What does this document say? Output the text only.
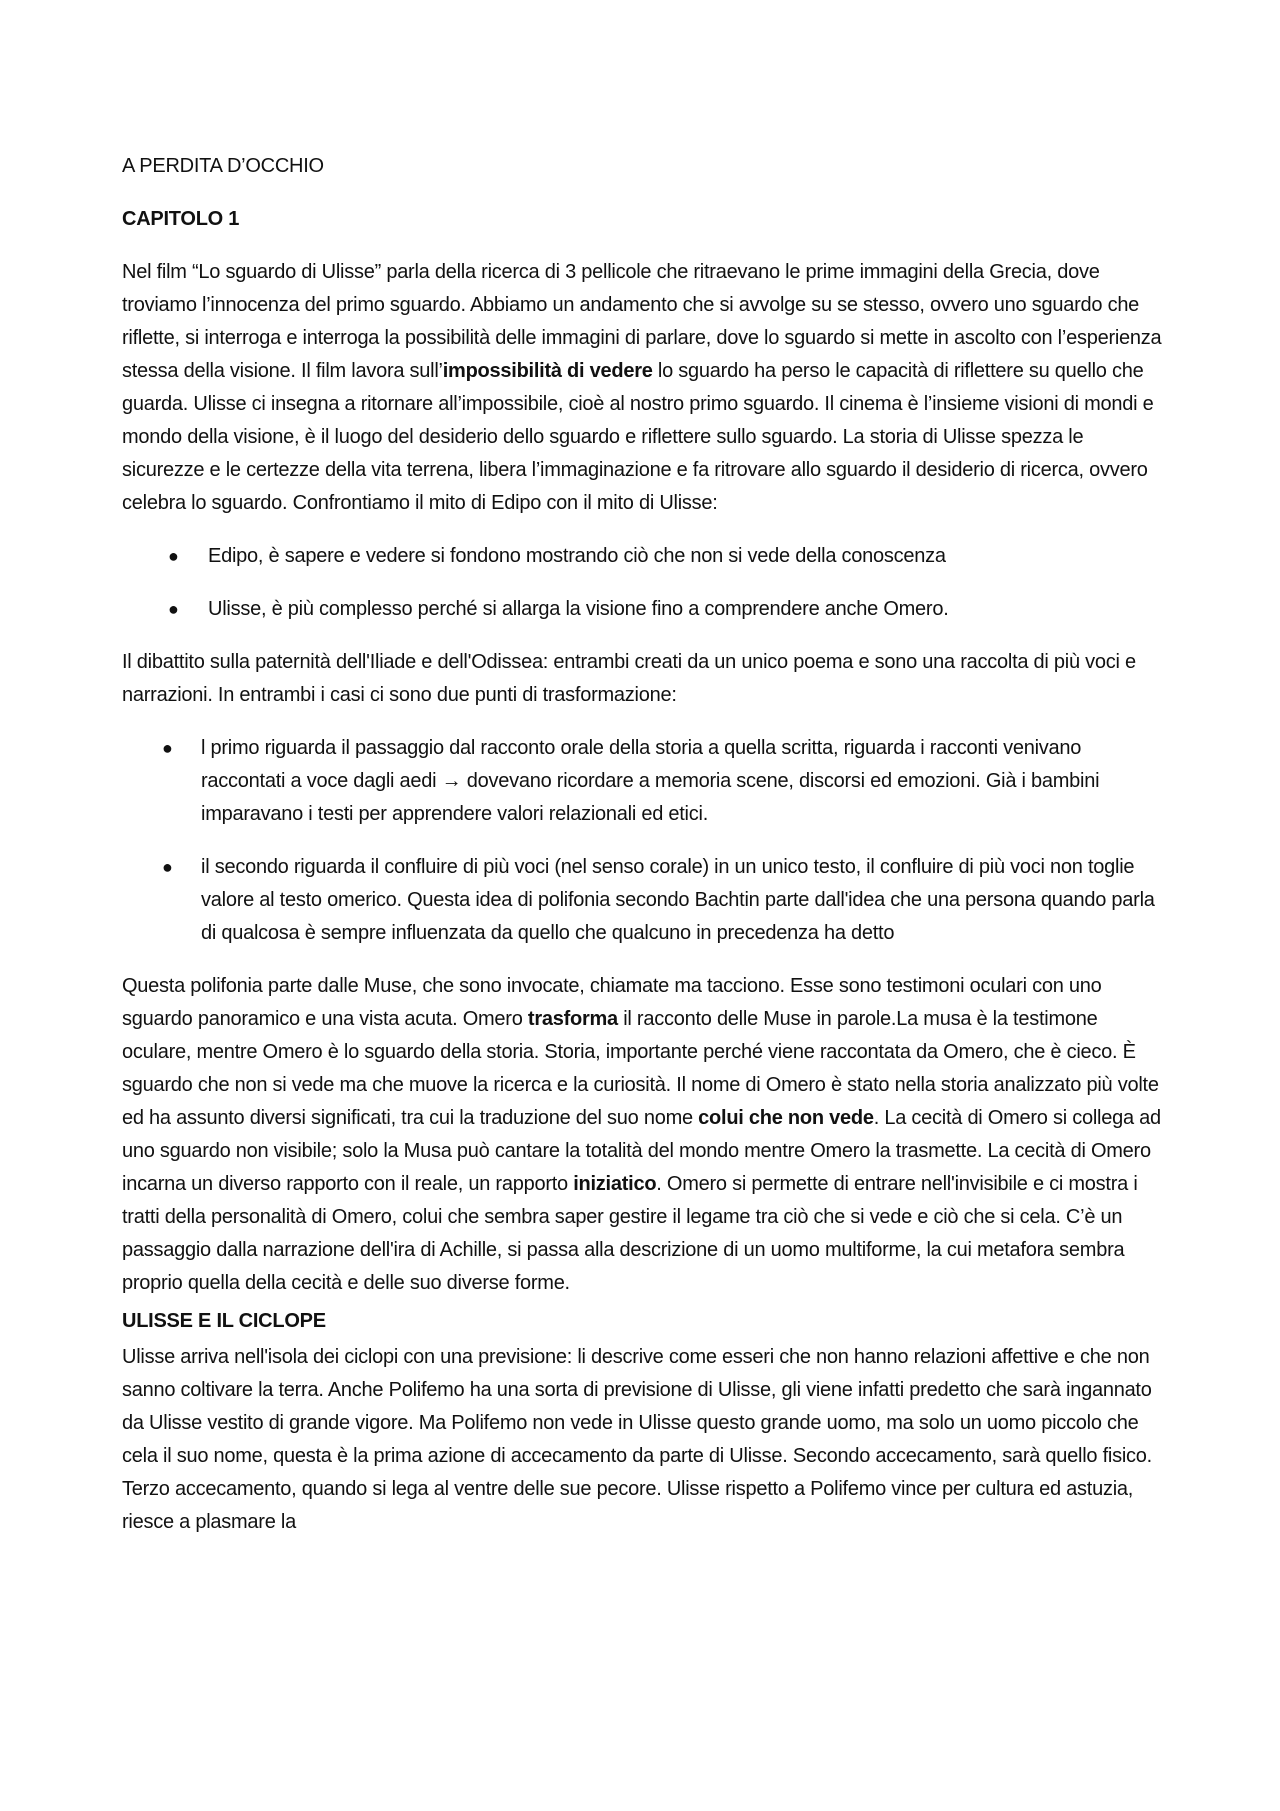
A PERDITA D’OCCHIO

CAPITOLO 1

Nel film “Lo sguardo di Ulisse” parla della ricerca di 3 pellicole che ritraevano le prime immagini della Grecia, dove troviamo l’innocenza del primo sguardo. Abbiamo un andamento che si avvolge su se stesso, ovvero uno sguardo che riflette, si interroga e interroga la possibilità delle immagini di parlare, dove lo sguardo si mette in ascolto con l’esperienza stessa della visione. Il film lavora sull’impossibilità di vedere lo sguardo ha perso le capacità di riflettere su quello che guarda. Ulisse ci insegna a ritornare all’impossibile, cioè al nostro primo sguardo. Il cinema è l’insieme visioni di mondi e mondo della visione, è il luogo del desiderio dello sguardo e riflettere sullo sguardo. La storia di Ulisse spezza le sicurezze e le certezze della vita terrena, libera l’immaginazione e fa ritrovare allo sguardo il desiderio di ricerca, ovvero celebra lo sguardo. Confrontiamo il mito di Edipo con il mito di Ulisse:

● Edipo, è sapere e vedere si fondono mostrando ciò che non si vede della conoscenza
● Ulisse, è più complesso perché si allarga la visione fino a comprendere anche Omero.

Il dibattito sulla paternità dell'Iliade e dell'Odissea: entrambi creati da un unico poema e sono una raccolta di più voci e narrazioni. In entrambi i casi ci sono due punti di trasformazione:

● l primo riguarda il passaggio dal racconto orale della storia a quella scritta, riguarda i racconti venivano raccontati a voce dagli aedi → dovevano ricordare a memoria scene, discorsi ed emozioni. Già i bambini imparavano i testi per apprendere valori relazionali ed etici.
● il secondo riguarda il confluire di più voci (nel senso corale) in un unico testo, il confluire di più voci non toglie valore al testo omerico. Questa idea di polifonia secondo Bachtin parte dall'idea che una persona quando parla di qualcosa è sempre influenzata da quello che qualcuno in precedenza ha detto

Questa polifonia parte dalle Muse, che sono invocate, chiamate ma tacciono. Esse sono testimoni oculari con uno sguardo panoramico e una vista acuta. Omero trasforma il racconto delle Muse in parole.La musa è la testimone oculare, mentre Omero è lo sguardo della storia. Storia, importante perché viene raccontata da Omero, che è cieco. È sguardo che non si vede ma che muove la ricerca e la curiosità. Il nome di Omero è stato nella storia analizzato più volte ed ha assunto diversi significati, tra cui la traduzione del suo nome colui che non vede. La cecità di Omero si collega ad uno sguardo non visibile; solo la Musa può cantare la totalità del mondo mentre Omero la trasmette. La cecità di Omero incarna un diverso rapporto con il reale, un rapporto iniziatico. Omero si permette di entrare nell'invisibile e ci mostra i tratti della personalità di Omero, colui che sembra saper gestire il legame tra ciò che si vede e ciò che si cela. C’è un passaggio dalla narrazione dell'ira di Achille, si passa alla descrizione di un uomo multiforme, la cui metafora sembra proprio quella della cecità e delle suo diverse forme.

ULISSE E IL CICLOPE

Ulisse arriva nell'isola dei ciclopi con una previsione: li descrive come esseri che non hanno relazioni affettive e che non sanno coltivare la terra. Anche Polifemo ha una sorta di previsione di Ulisse, gli viene infatti predetto che sarà ingannato da Ulisse vestito di grande vigore. Ma Polifemo non vede in Ulisse questo grande uomo, ma solo un uomo piccolo che cela il suo nome, questa è la prima azione di accecamento da parte di Ulisse. Secondo accecamento, sarà quello fisico. Terzo accecamento, quando si lega al ventre delle sue pecore. Ulisse rispetto a Polifemo vince per cultura ed astuzia, riesce a plasmare la
